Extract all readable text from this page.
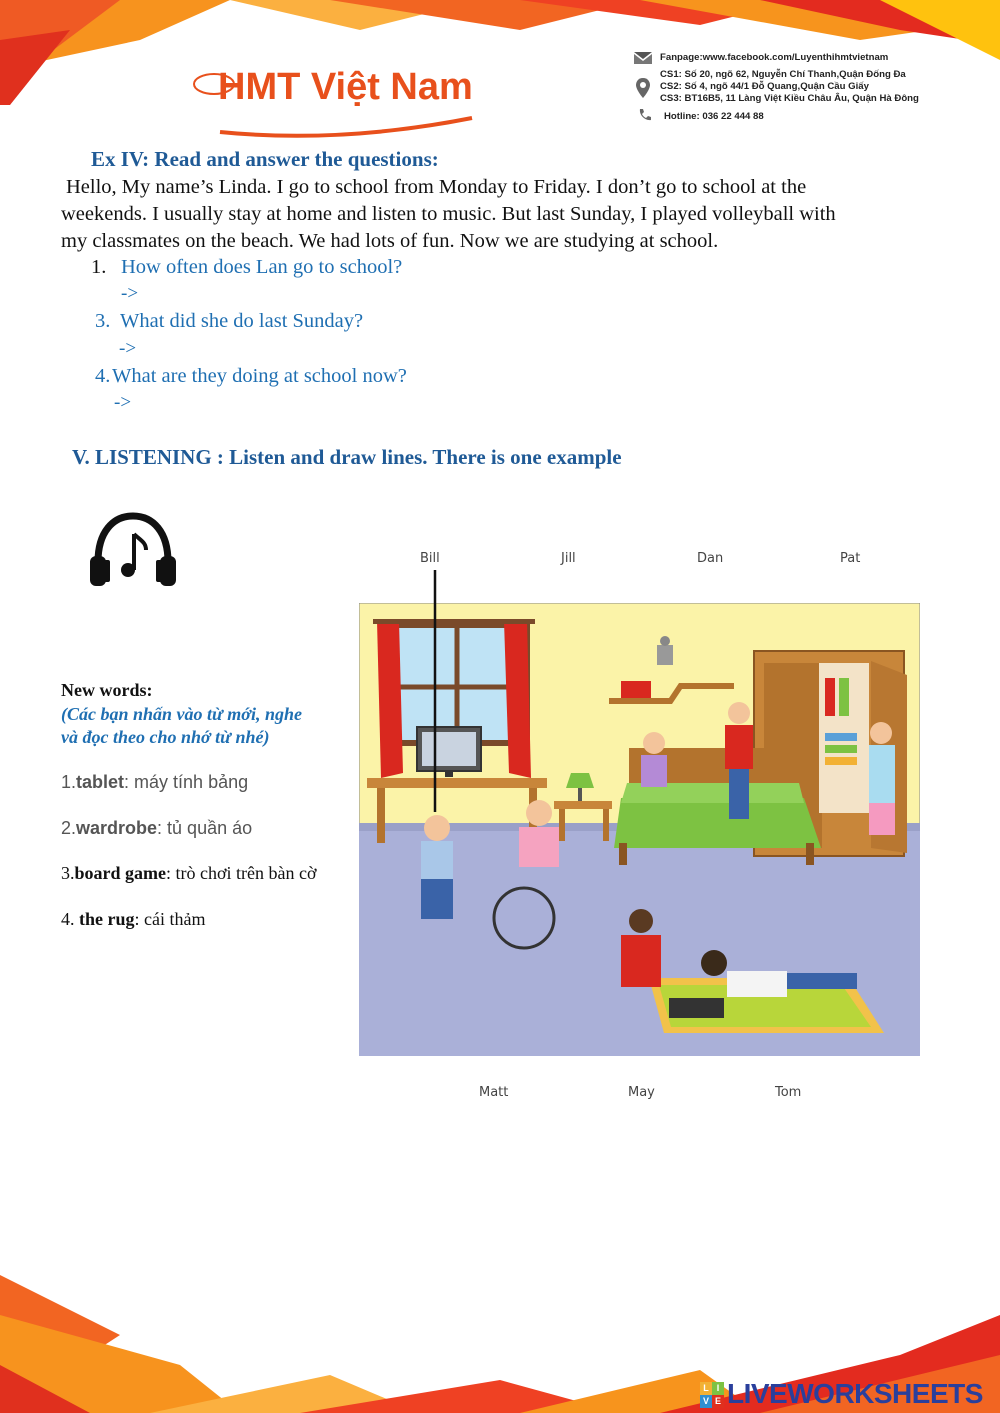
HMT Việt Nam
Fanpage:www.facebook.com/Luyenthihmtvietnam
CS1: Số 20, ngõ 62, Nguyễn Chí Thanh,Quận Đống Đa
CS2: Số 4, ngõ 44/1 Đỗ Quang,Quận Cầu Giấy
CS3: BT16B5, 11 Làng Việt Kiều Châu Âu, Quận Hà Đông
Hotline: 036 22 444 88
Ex IV: Read and answer the questions:
Hello, My name’s Linda. I go to school from Monday to Friday. I don’t go to school at the
weekends. I usually stay at home and listen to music. But last Sunday, I played volleyball with
my classmates on the beach. We had lots of fun. Now we are studying at school.
1. How often does Lan go to school?
->
3. What did she do last Sunday?
->
4. What are they doing at school now?
->
V. LISTENING : Listen and draw lines. There is one example
New words:
(Các bạn nhấn vào từ mới, nghe
và đọc theo cho nhớ từ nhé)
1.tablet: máy tính bảng
2.wardrobe: tủ quần áo
3.board game: trò chơi trên bàn cờ
4. the rug: cái thảm
Bill	Jill	Dan	Pat
Matt	May	Tom
L I
V E LIVEWORKSHEETS
